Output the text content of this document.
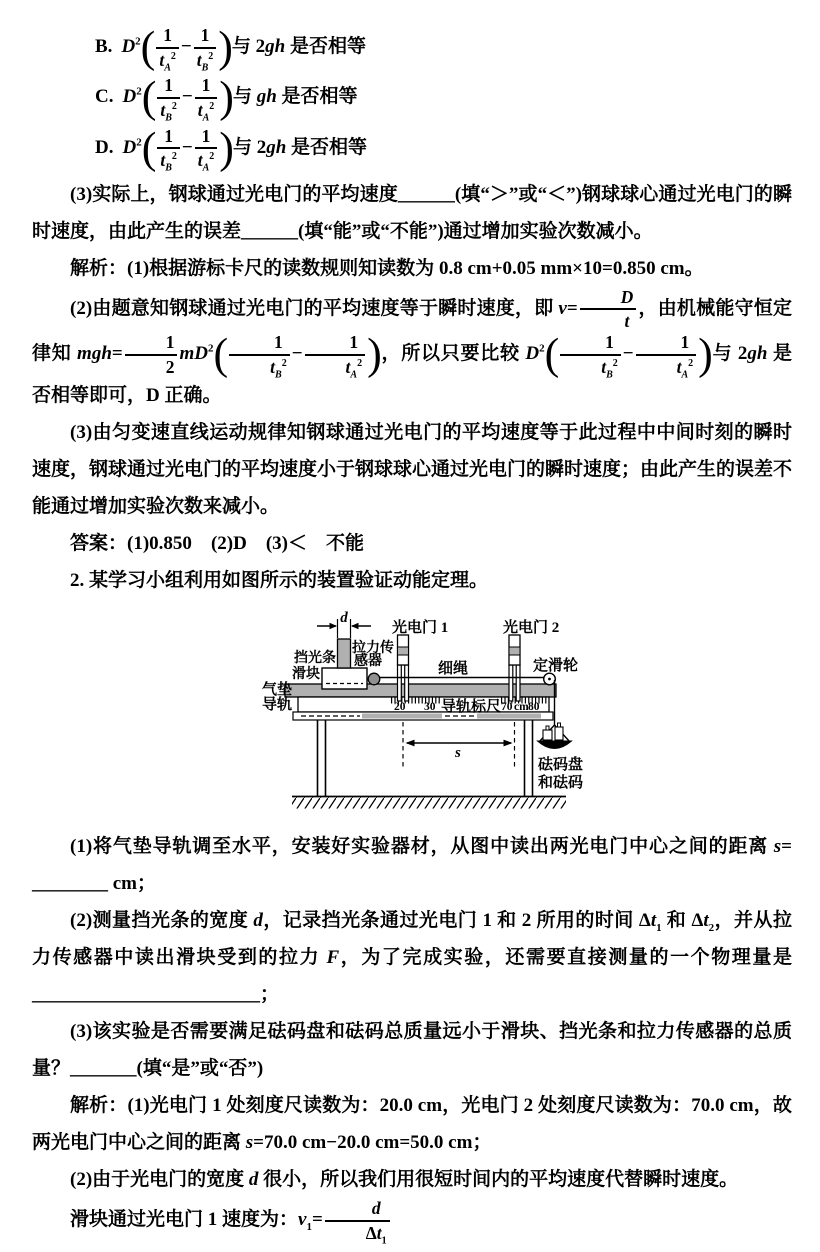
B. $D^2( \frac{1}{t_A^2} - \frac{1}{t_B^2}$ )与 2gh 是否相等
C. $D^2( \frac{1}{t_B^2} - \frac{1}{t_A^2}$ )与 gh 是否相等
D. $D^2( \frac{1}{t_B^2} - \frac{1}{t_A^2}$ )与 2gh 是否相等

(3)实际上，钢球通过光电门的平均速度______(填“＞”或“＜”)钢球球心通过光电门的瞬时速度，由此产生的误差______(填“能”或“不能”)通过增加实验次数减小。

解析：(1)根据游标卡尺的读数规则知读数为 0.8 cm+0.05 mm×10=0.850 cm。

(2)由题意知钢球通过光电门的平均速度等于瞬时速度，即 $v= \frac{D}{t}$ ，由机械能守恒定律知 $mgh= \frac{1}{2} mD^2( \frac{1}{t_B^2} - \frac{1}{t_A^2}$ )，所以只要比较 $D^2( \frac{1}{t_B^2} - \frac{1}{t_A^2}$ )与 2gh 是否相等即可，D 正确。

(3)由匀变速直线运动规律知钢球通过光电门的平均速度等于此过程中中间时刻的瞬时速度，钢球通过光电门的平均速度小于钢球球心通过光电门的瞬时速度；由此产生的误差不能通过增加实验次数来减小。

答案：(1)0.850　 (2)D　 (3)＜　不能

2. 某学习小组利用如图所示的装置验证动能定理。

20 30 导轨标尺 70 cm 80
d
s
光电门 1	光电门 2
拉力传
感器
挡光条
滑块
气垫
导轨
细绳	定滑轮
砝码盘
和砝码

(1)将气垫导轨调至水平，安装好实验器材，从图中读出两光电门中心之间的距离 s=________ cm；

(2)测量挡光条的宽度 d，记录挡光条通过光电门 1 和 2 所用的时间 $\Delta t_1$ 和 $\Delta t_2$，并从拉力传感器中读出滑块受到的拉力 F，为了完成实验，还需要直接测量的一个物理量是​________________________；

(3)该实验是否需要满足砝码盘和砝码总质量远小于滑块、挡光条和拉力传感器的总质量？_______(填“是”或“否”)

解析：(1)光电门 1 处刻度尺读数为：20.0 cm，光电门 2 处刻度尺读数为：70.0 cm，故两光电门中心之间的距离 s=70.0 cm−20.0 cm=50.0 cm；

(2)由于光电门的宽度 d 很小，所以我们用很短时间内的平均速度代替瞬时速度。

滑块通过光电门 1 速度为：$v_1= \frac{d}{\Delta t_1}$
